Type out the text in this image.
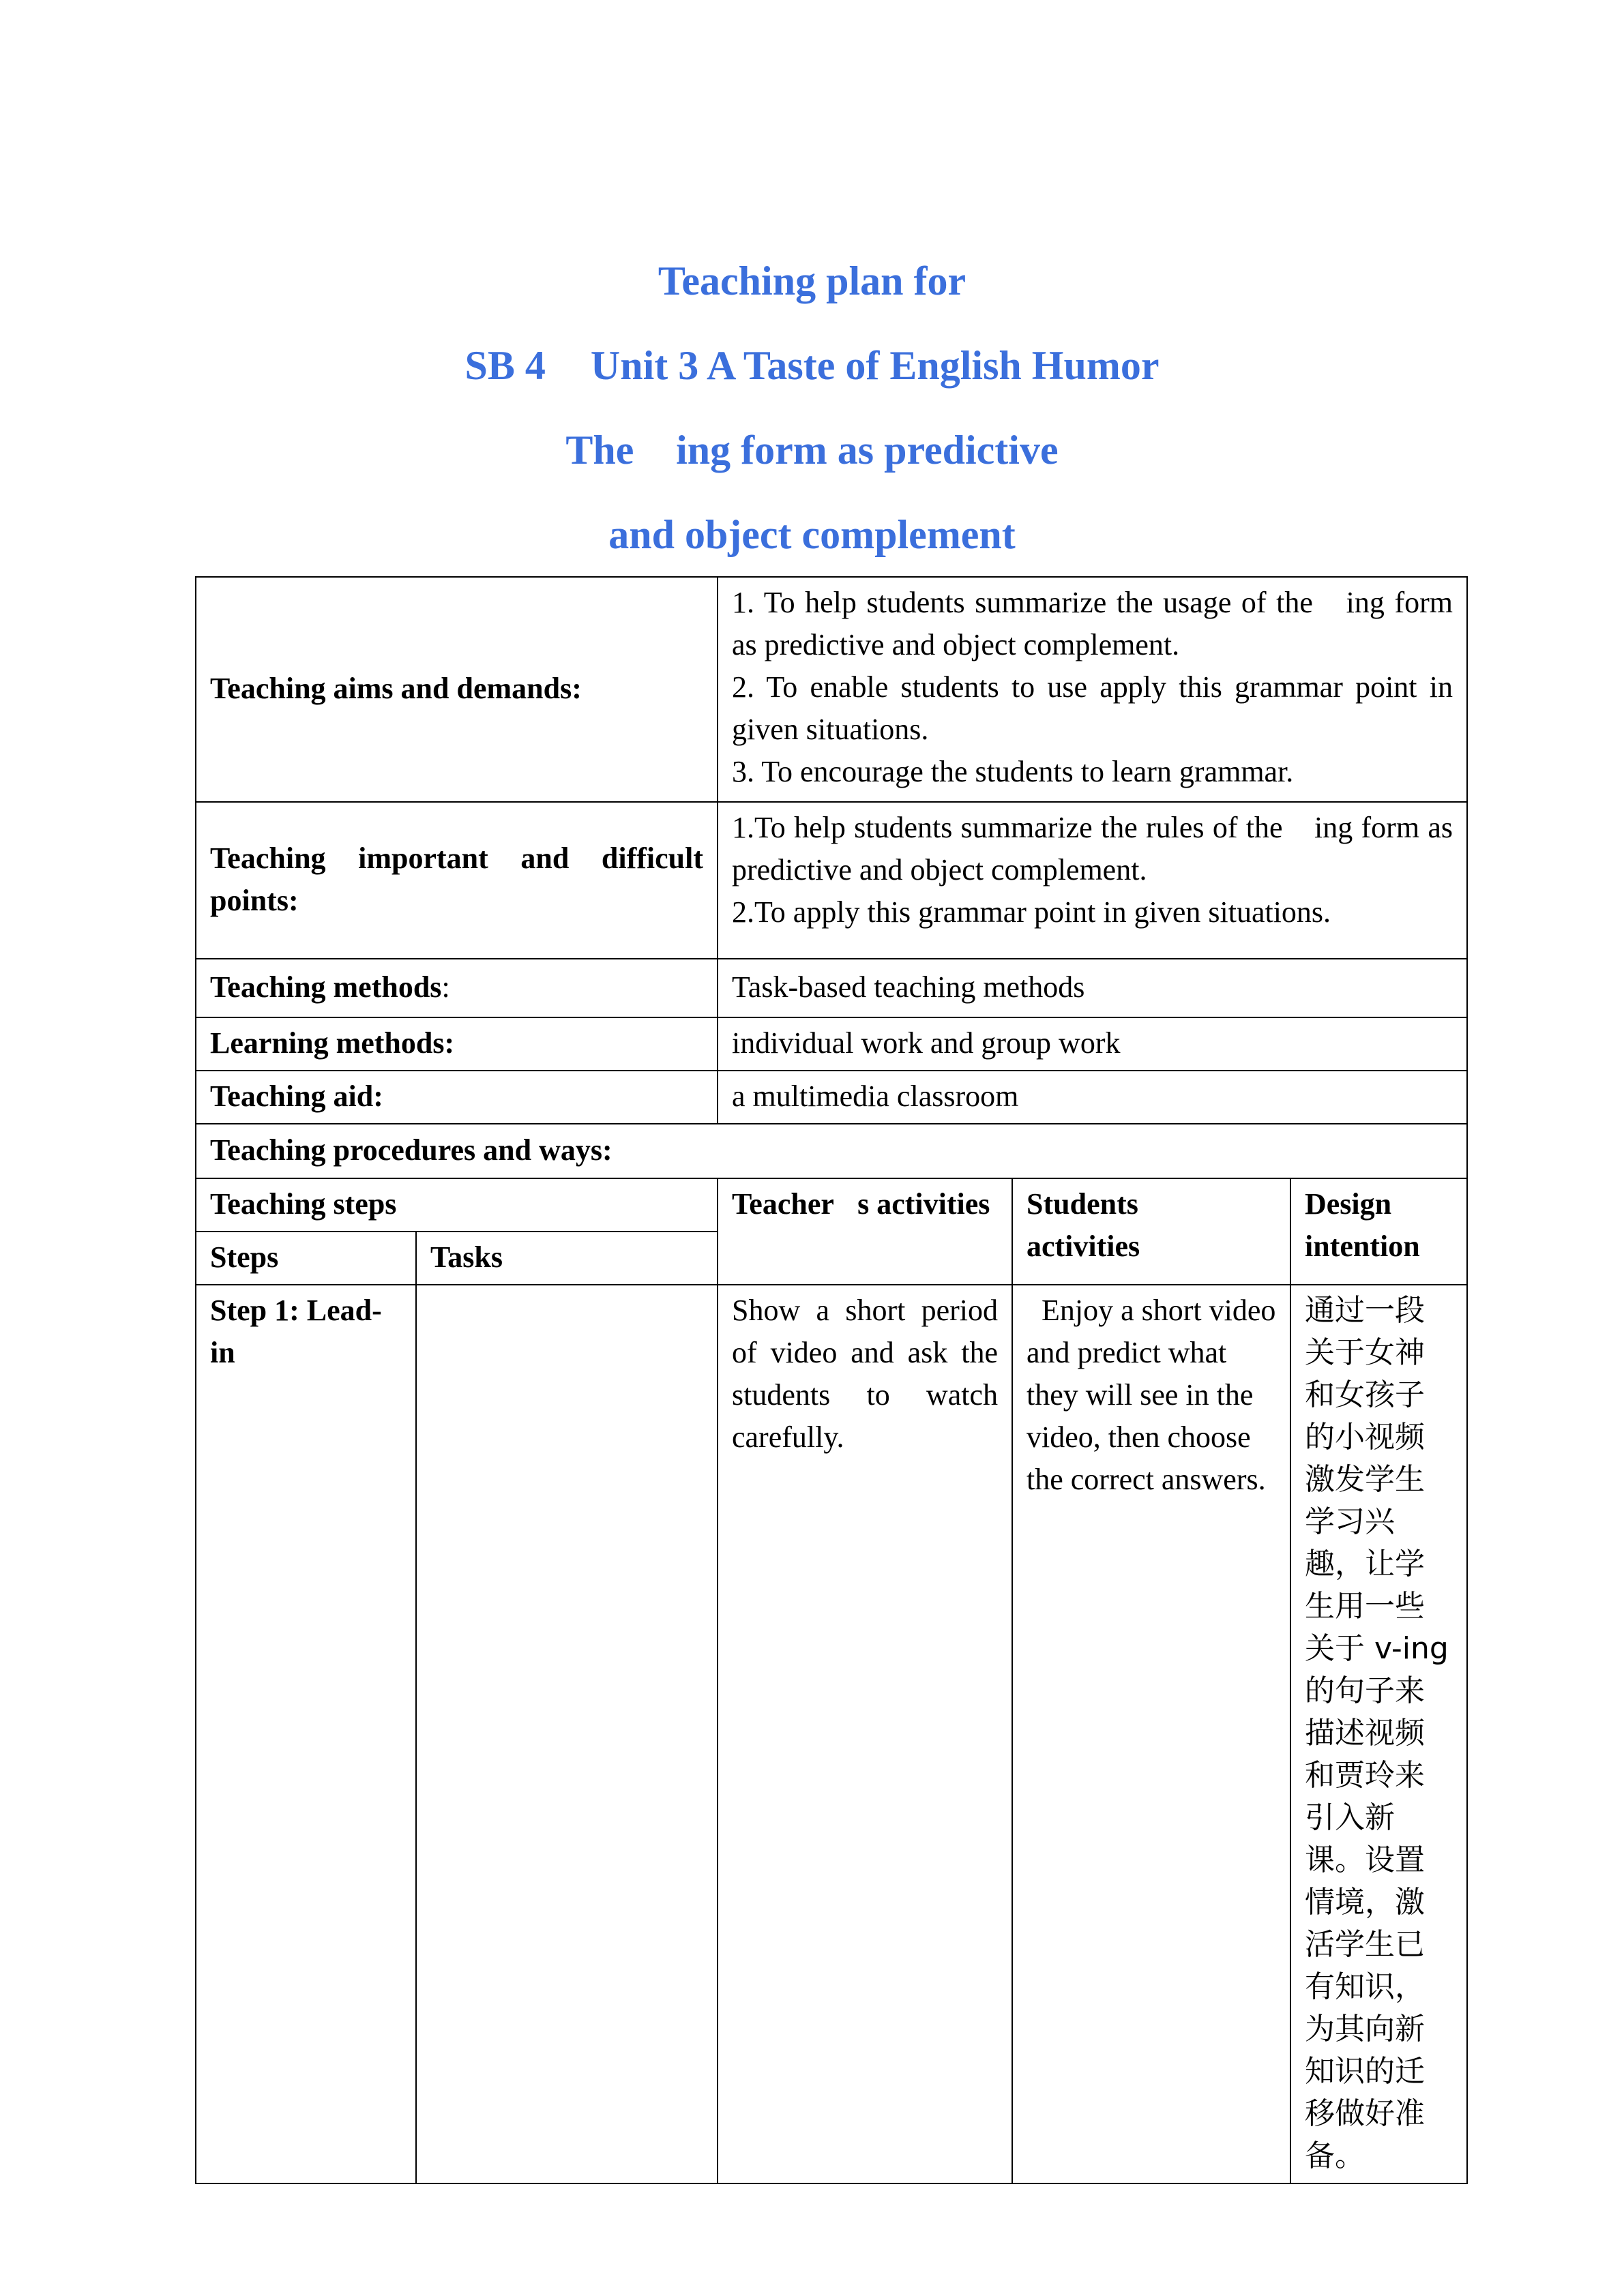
Teaching plan for
SB 4 Unit 3 A Taste of English Humor
The ing form as predictive
and object complement
Teaching aims and demands:		1. To help students summarize the usage of the ing form as predictive and object complement.
2. To enable students to use apply this grammar point in given situations.
3. To encourage the students to learn grammar.		

Teaching important and difficult points:		1.To help students summarize the rules of the ing form as predictive and object complement.
2.To apply this grammar point in given situations.		

Teaching methods:		Task-based teaching methods		
Learning methods:		individual work and group work		
Teaching aid:		a multimedia classroom		
Teaching procedures and ways:				
Teaching steps		Teacher s activities	Students activities	Design intention
Steps	Tasks			
Step 1: Lead-in		Show a short period of video and ask the students to watch carefully.	Enjoy a short video and predict what they will see in the video, then choose the correct answers.	通过一段关于女神和女孩子的小视频激发学生学习兴趣，让学生用一些关于 v-ing 的句子来描述视频和贾玲来引入新课。设置情境，激活学生已有知识，为其向新知识的迁移做好准备。
